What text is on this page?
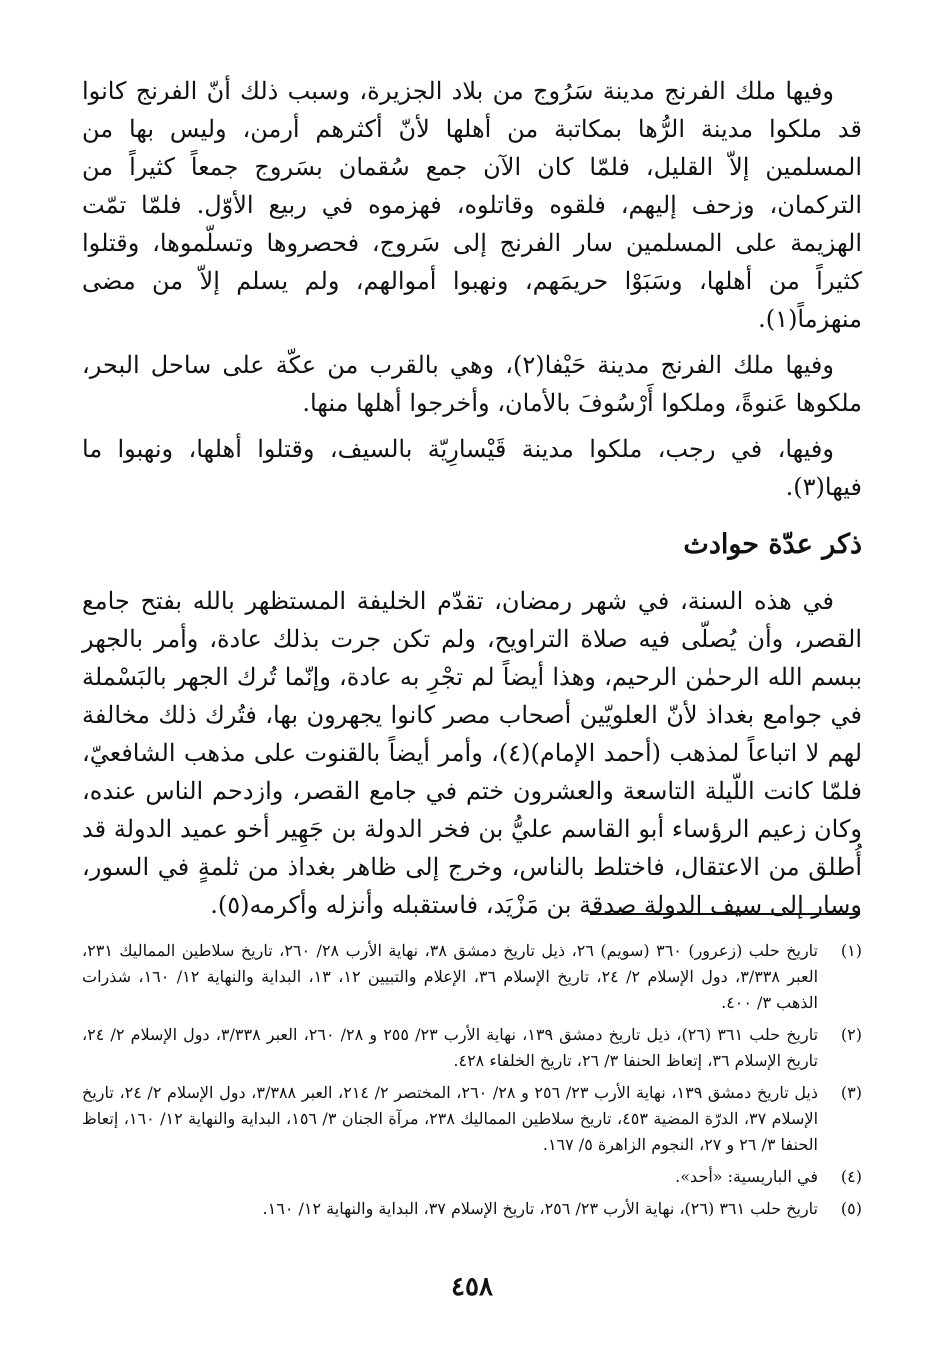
وفيها ملك الفرنج مدينة سَرُوج من بلاد الجزيرة، وسبب ذلك أنّ الفرنج كانوا قد ملكوا مدينة الرُّها بمكاتبة من أهلها لأنّ أكثرهم أرمن، وليس بها من المسلمين إلاّ القليل، فلمّا كان الآن جمع سُقمان بسَروج جمعاً كثيراً من التركمان، وزحف إليهم، فلقوه وقاتلوه، فهزموه في ربيع الأوّل. فلمّا تمّت الهزيمة على المسلمين سار الفرنج إلى سَروج، فحصروها وتسلّموها، وقتلوا كثيراً من أهلها، وسَبَوْا حريمَهم، ونهبوا أموالهم، ولم يسلم إلاّ من مضى منهزماً(١).

وفيها ملك الفرنج مدينة حَيْفا(٢)، وهي بالقرب من عكّة على ساحل البحر، ملكوها عَنوةً، وملكوا أَرْسُوفَ بالأمان، وأخرجوا أهلها منها.

وفيها، في رجب، ملكوا مدينة قَيْسارِيّة بالسيف، وقتلوا أهلها، ونهبوا ما فيها(٣).

ذكر عدّة حوادث

في هذه السنة، في شهر رمضان، تقدّم الخليفة المستظهر بالله بفتح جامع القصر، وأن يُصلّى فيه صلاة التراويح، ولم تكن جرت بذلك عادة، وأمر بالجهر ببسم الله الرحمٰن الرحيم، وهذا أيضاً لم تجْرِ به عادة، وإنّما تُرك الجهر بالبَسْملة في جوامع بغداذ لأنّ العلويّين أصحاب مصر كانوا يجهرون بها، فتُرك ذلك مخالفة لهم لا اتباعاً لمذهب (أحمد الإمام)(٤)، وأمر أيضاً بالقنوت على مذهب الشافعيّ، فلمّا كانت اللّيلة التاسعة والعشرون ختم في جامع القصر، وازدحم الناس عنده، وكان زعيم الرؤساء أبو القاسم عليُّ بن فخر الدولة بن جَهِير أخو عميد الدولة قد أُطلق من الاعتقال، فاختلط بالناس، وخرج إلى ظاهر بغداذ من ثلمةٍ في السور، وسار إلى سيف الدولة صدقة بن مَزْيَد، فاستقبله وأنزله وأكرمه(٥).

(١)
تاريخ حلب (زعرور) ٣٦٠ (سويم) ٢٦، ذيل تاريخ دمشق ٣٨، نهاية الأرب ٢٨/ ٢٦٠، تاريخ سلاطين المماليك ٢٣١، العبر ٣/٣٣٨، دول الإسلام ٢/ ٢٤، تاريخ الإسلام ٣٦، الإعلام والتبيين ١٢، ١٣، البداية والنهاية ١٢/ ١٦٠، شذرات الذهب ٣/ ٤٠٠.
(٢)
تاريخ حلب ٣٦١ (٢٦)، ذيل تاريخ دمشق ١٣٩، نهاية الأرب ٢٣/ ٢٥٥ و ٢٨/ ٢٦٠، العبر ٣/٣٣٨، دول الإسلام ٢/ ٢٤، تاريخ الإسلام ٣٦، إتعاظ الحنفا ٣/ ٢٦، تاريخ الخلفاء ٤٢٨.
(٣)
ذيل تاريخ دمشق ١٣٩، نهاية الأرب ٢٣/ ٢٥٦ و ٢٨/ ٢٦٠، المختصر ٢/ ٢١٤، العبر ٣/٣٨٨، دول الإسلام ٢/ ٢٤، تاريخ الإسلام ٣٧، الدرّة المضية ٤٥٣، تاريخ سلاطين المماليك ٢٣٨، مرآة الجنان ٣/ ١٥٦، البداية والنهاية ١٢/ ١٦٠، إتعاظ الحنفا ٣/ ٢٦ و ٢٧، النجوم الزاهرة ٥/ ١٦٧.
(٤)
في الباريسية: «أحد».
(٥)
تاريخ حلب ٣٦١ (٢٦)، نهاية الأرب ٢٣/ ٢٥٦، تاريخ الإسلام ٣٧، البداية والنهاية ١٢/ ١٦٠.
٤٥٨
